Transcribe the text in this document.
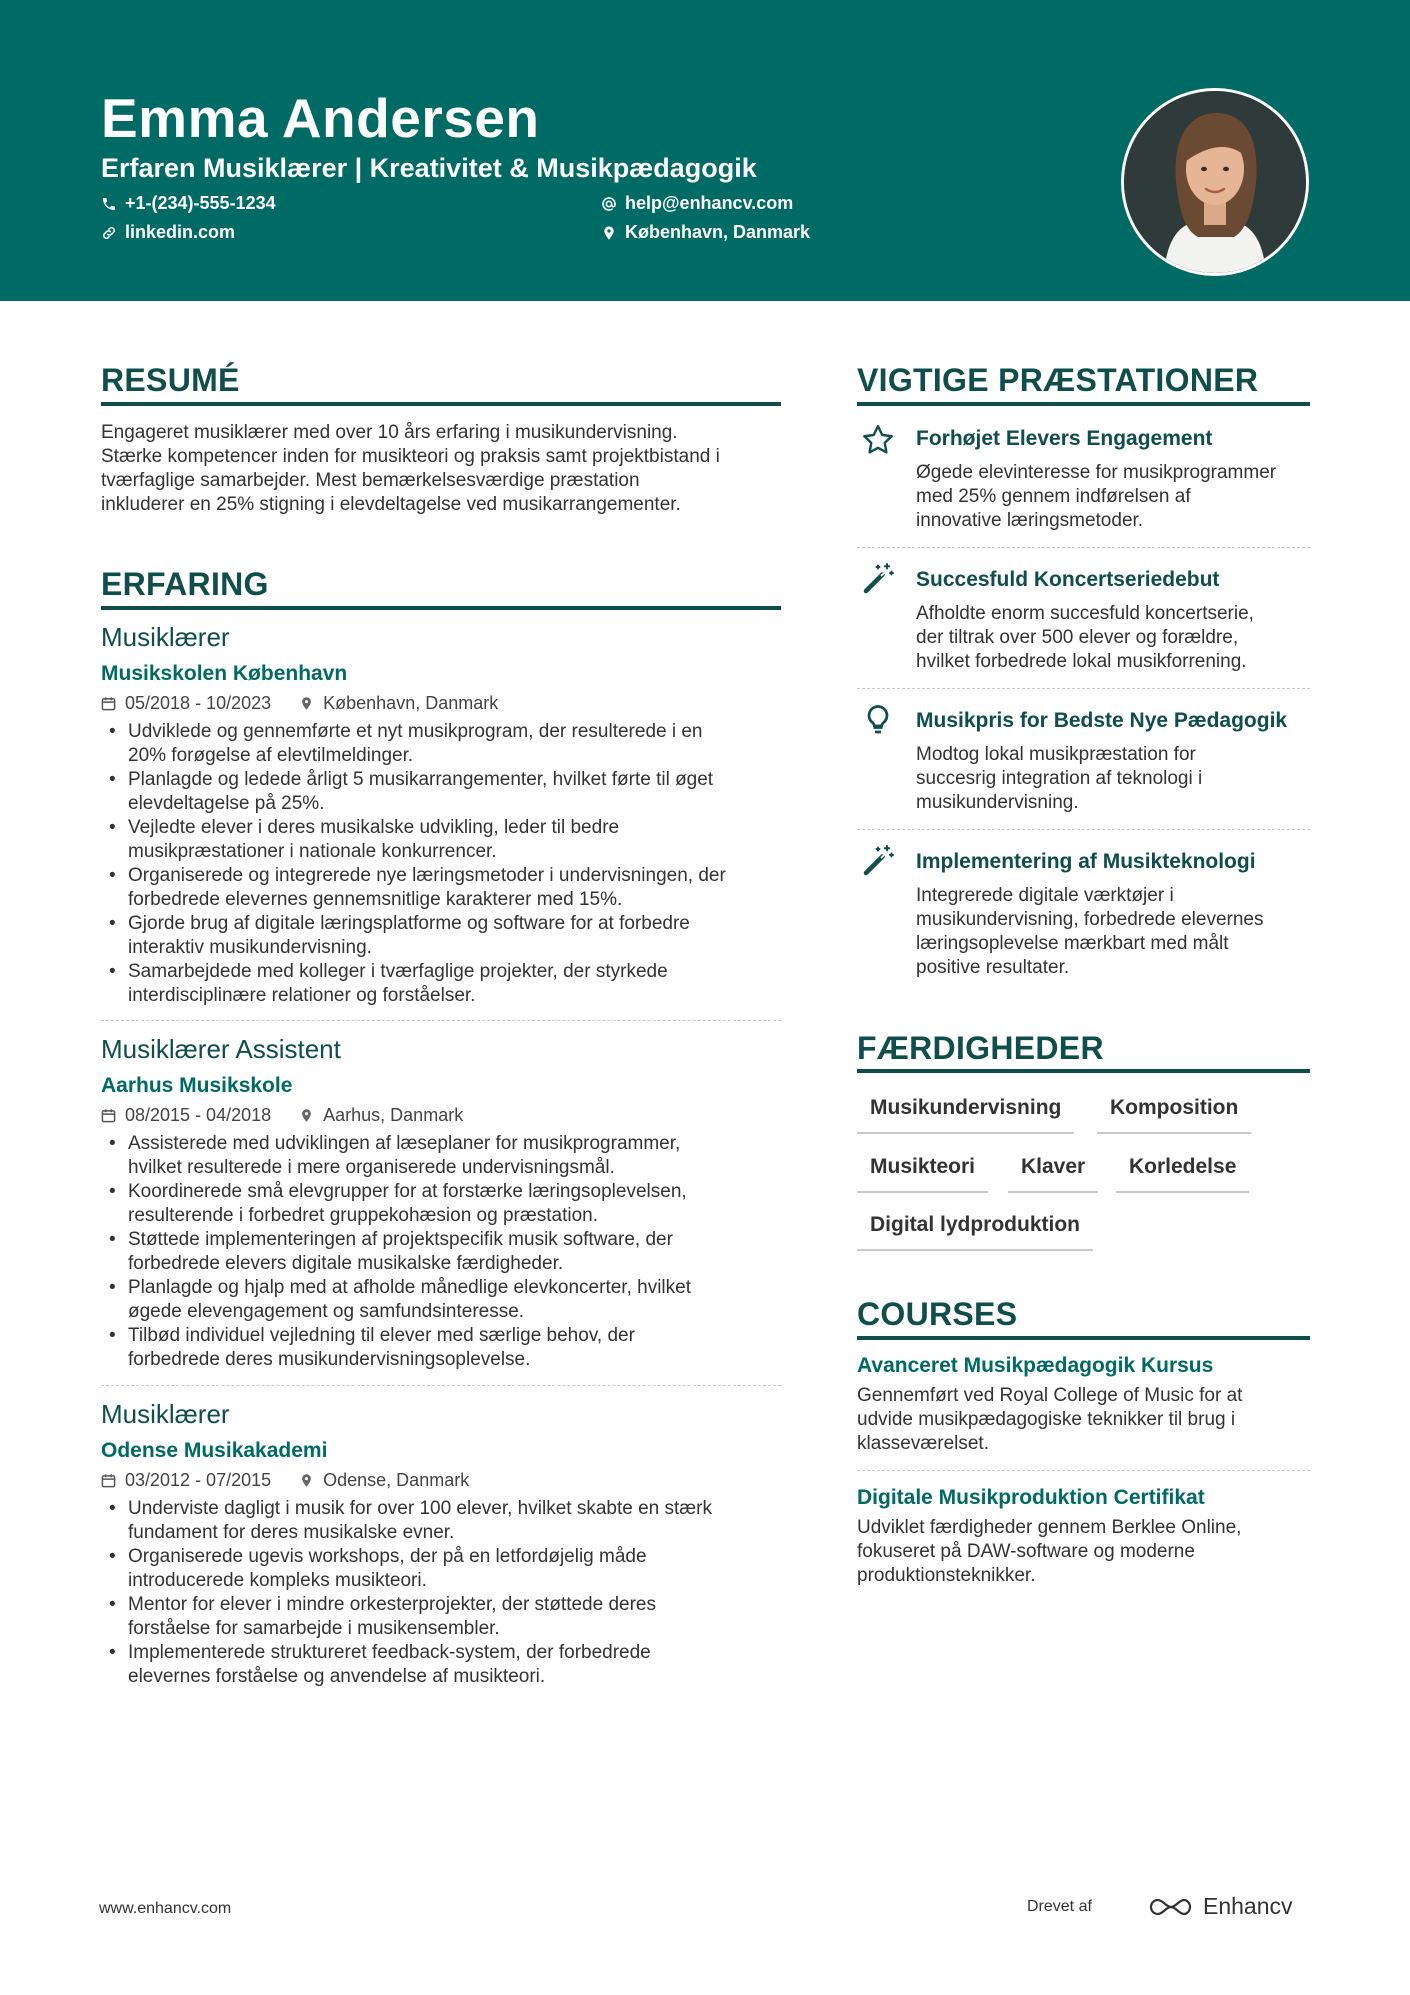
Emma Andersen
Erfaren Musiklærer | Kreativitet & Musikpædagogik
+1-(234)-555-1234	help@enhancv.com
linkedin.com	København, Danmark
RESUMÉ
Engageret musiklærer med over 10 års erfaring i musikundervisning.
Stærke kompetencer inden for musikteori og praksis samt projektbistand i
tværfaglige samarbejder. Mest bemærkelsesværdige præstation
inkluderer en 25% stigning i elevdeltagelse ved musikarrangementer.
ERFARING
Musiklærer
Musikskolen København
05/2018 - 10/2023	København, Danmark
• Udviklede og gennemførte et nyt musikprogram, der resulterede i en
20% forøgelse af elevtilmeldinger.
• Planlagde og ledede årligt 5 musikarrangementer, hvilket førte til øget
elevdeltagelse på 25%.
• Vejledte elever i deres musikalske udvikling, leder til bedre
musikpræstationer i nationale konkurrencer.
• Organiserede og integrerede nye læringsmetoder i undervisningen, der
forbedrede elevernes gennemsnitlige karakterer med 15%.
• Gjorde brug af digitale læringsplatforme og software for at forbedre
interaktiv musikundervisning.
• Samarbejdede med kolleger i tværfaglige projekter, der styrkede
interdisciplinære relationer og forståelser.
Musiklærer Assistent
Aarhus Musikskole
08/2015 - 04/2018	Aarhus, Danmark
• Assisterede med udviklingen af læseplaner for musikprogrammer,
hvilket resulterede i mere organiserede undervisningsmål.
• Koordinerede små elevgrupper for at forstærke læringsoplevelsen,
resulterende i forbedret gruppekohæsion og præstation.
• Støttede implementeringen af projektspecifik musik software, der
forbedrede elevers digitale musikalske færdigheder.
• Planlagde og hjalp med at afholde månedlige elevkoncerter, hvilket
øgede elevengagement og samfundsinteresse.
• Tilbød individuel vejledning til elever med særlige behov, der
forbedrede deres musikundervisningsoplevelse.
Musiklærer
Odense Musikakademi
03/2012 - 07/2015	Odense, Danmark
• Underviste dagligt i musik for over 100 elever, hvilket skabte en stærk
fundament for deres musikalske evner.
• Organiserede ugevis workshops, der på en letfordøjelig måde
introducerede kompleks musikteori.
• Mentor for elever i mindre orkesterprojekter, der støttede deres
forståelse for samarbejde i musikensembler.
• Implementerede struktureret feedback-system, der forbedrede
elevernes forståelse og anvendelse af musikteori.
VIGTIGE PRÆSTATIONER
Forhøjet Elevers Engagement
Øgede elevinteresse for musikprogrammer
med 25% gennem indførelsen af
innovative læringsmetoder.
Succesfuld Koncertseriedebut
Afholdte enorm succesfuld koncertserie,
der tiltrak over 500 elever og forældre,
hvilket forbedrede lokal musikforrening.
Musikpris for Bedste Nye Pædagogik
Modtog lokal musikpræstation for
succesrig integration af teknologi i
musikundervisning.
Implementering af Musikteknologi
Integrerede digitale værktøjer i
musikundervisning, forbedrede elevernes
læringsoplevelse mærkbart med målt
positive resultater.
FÆRDIGHEDER
Musikundervisning	Komposition
Musikteori	Klaver	Korledelse
Digital lydproduktion
COURSES
Avanceret Musikpædagogik Kursus
Gennemført ved Royal College of Music for at
udvide musikpædagogiske teknikker til brug i
klasseværelset.
Digitale Musikproduktion Certifikat
Udviklet færdigheder gennem Berklee Online,
fokuseret på DAW-software og moderne
produktionsteknikker.
www.enhancv.com	Drevet af	Enhancv
